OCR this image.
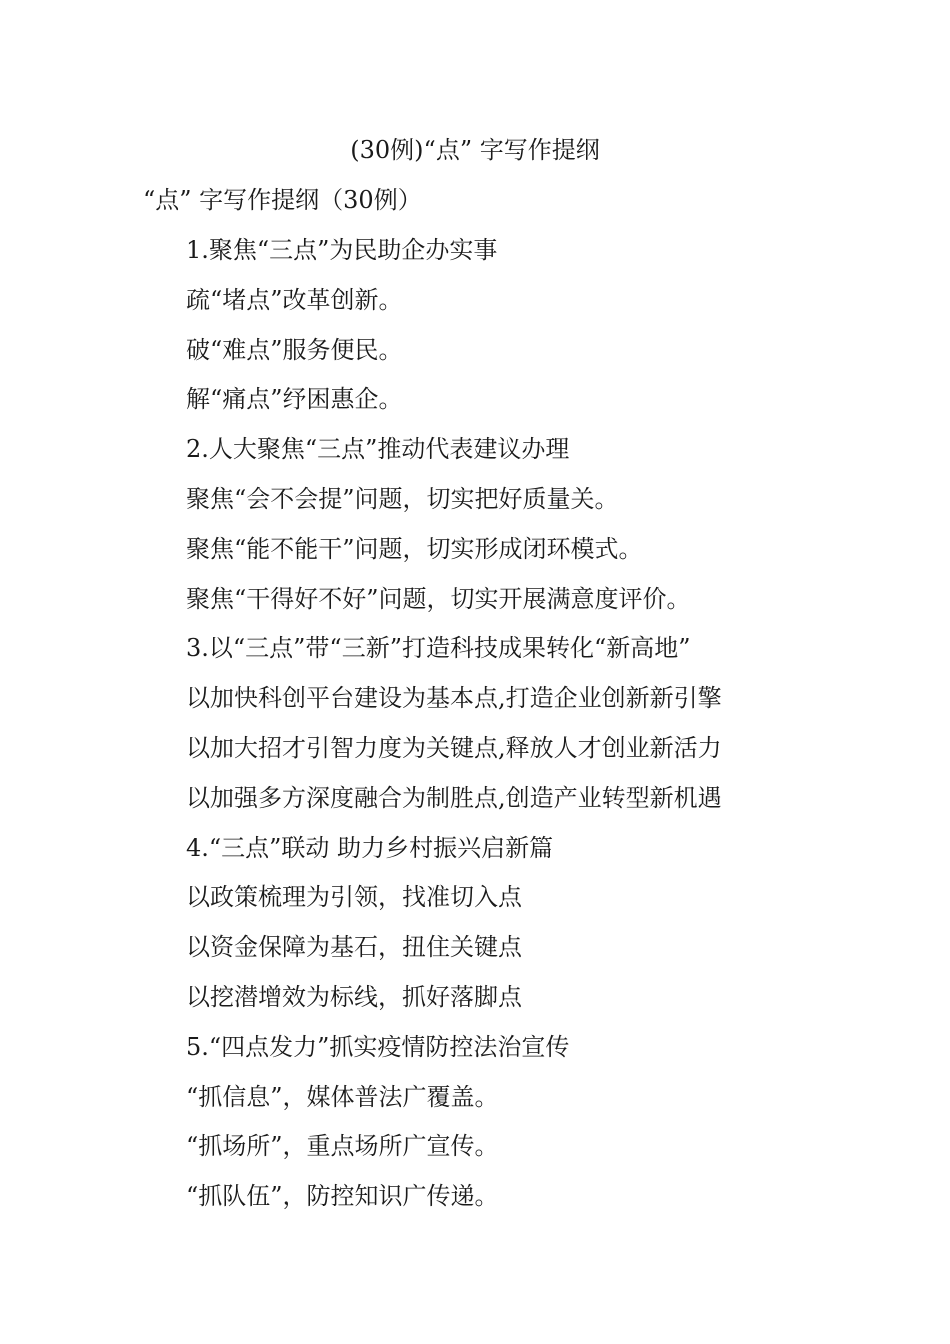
(30例)“点” 字写作提纲
“点” 字写作提纲（30例）
1.聚焦“三点”为民助企办实事
疏“堵点”改革创新。
破“难点”服务便民。
解“痛点”纾困惠企。
2.人大聚焦“三点”推动代表建议办理
聚焦“会不会提”问题，切实把好质量关。
聚焦“能不能干”问题，切实形成闭环模式。
聚焦“干得好不好”问题，切实开展满意度评价。
3.以“三点”带“三新”打造科技成果转化“新高地”
以加快科创平台建设为基本点,打造企业创新新引擎
以加大招才引智力度为关键点,释放人才创业新活力
以加强多方深度融合为制胜点,创造产业转型新机遇
4.“三点”联动 助力乡村振兴启新篇
以政策梳理为引领，找准切入点
以资金保障为基石，扭住关键点
以挖潜增效为标线，抓好落脚点
5.“四点发力”抓实疫情防控法治宣传
“抓信息”，媒体普法广覆盖。
“抓场所”，重点场所广宣传。
“抓队伍”，防控知识广传递。
